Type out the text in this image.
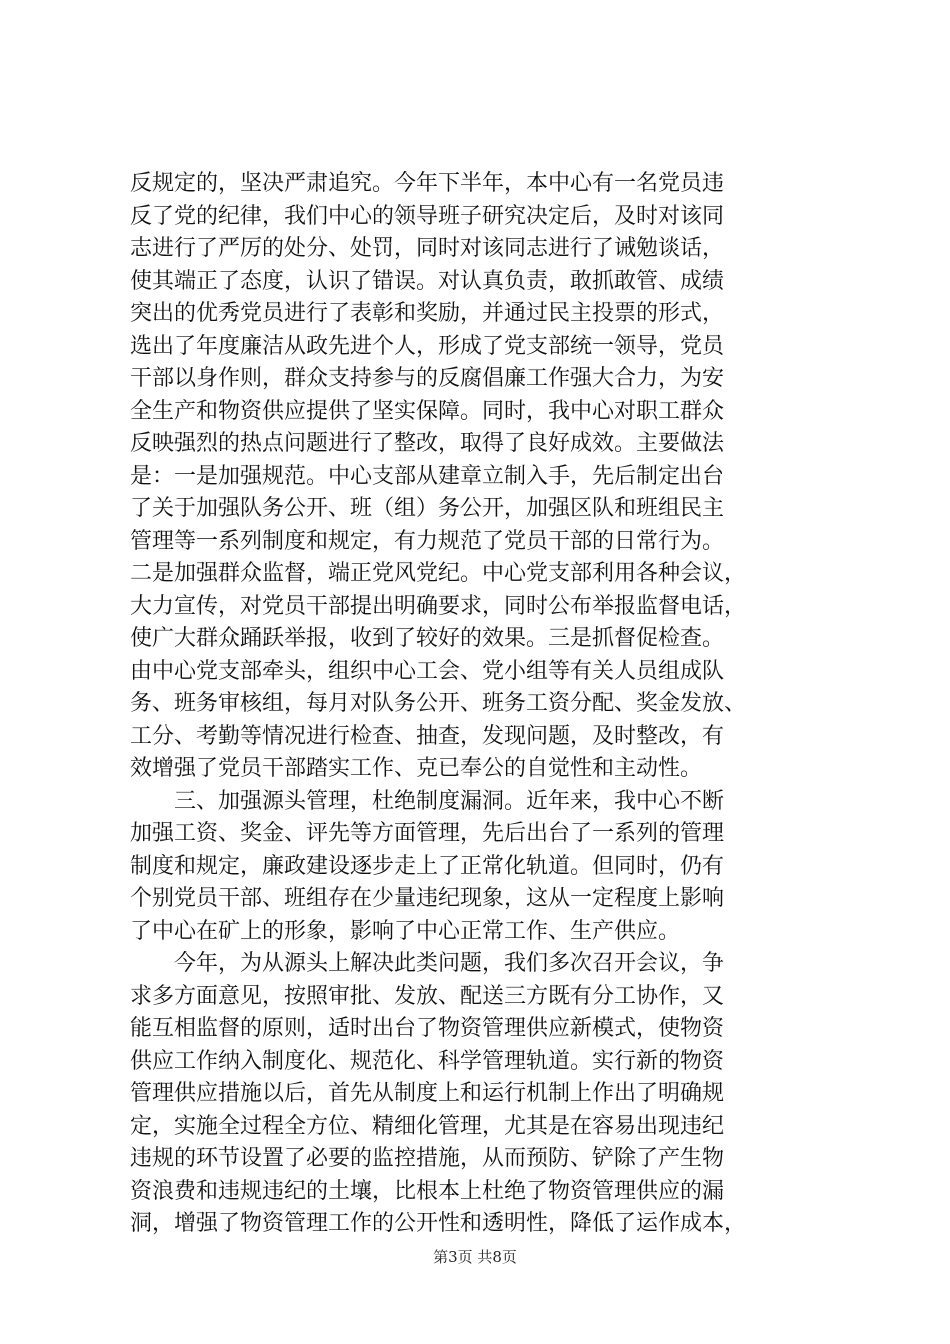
反规定的，坚决严肃追究。今年下半年，本中心有一名党员违
反了党的纪律，我们中心的领导班子研究决定后，及时对该同
志进行了严厉的处分、处罚，同时对该同志进行了诫勉谈话，
使其端正了态度，认识了错误。对认真负责，敢抓敢管、成绩
突出的优秀党员进行了表彰和奖励，并通过民主投票的形式，
选出了年度廉洁从政先进个人，形成了党支部统一领导，党员
干部以身作则，群众支持参与的反腐倡廉工作强大合力，为安
全生产和物资供应提供了坚实保障。同时，我中心对职工群众
反映强烈的热点问题进行了整改，取得了良好成效。主要做法
是：一是加强规范。中心支部从建章立制入手，先后制定出台
了关于加强队务公开、班（组）务公开，加强区队和班组民主
管理等一系列制度和规定，有力规范了党员干部的日常行为。
二是加强群众监督，端正党风党纪。中心党支部利用各种会议，
大力宣传，对党员干部提出明确要求，同时公布举报监督电话，
使广大群众踊跃举报，收到了较好的效果。三是抓督促检查。
由中心党支部牵头，组织中心工会、党小组等有关人员组成队
务、班务审核组，每月对队务公开、班务工资分配、奖金发放、
工分、考勤等情况进行检查、抽查，发现问题，及时整改，有
效增强了党员干部踏实工作、克已奉公的自觉性和主动性。
　　三、加强源头管理，杜绝制度漏洞。近年来，我中心不断
加强工资、奖金、评先等方面管理，先后出台了一系列的管理
制度和规定，廉政建设逐步走上了正常化轨道。但同时，仍有
个别党员干部、班组存在少量违纪现象，这从一定程度上影响
了中心在矿上的形象，影响了中心正常工作、生产供应。
　　今年，为从源头上解决此类问题，我们多次召开会议，争
求多方面意见，按照审批、发放、配送三方既有分工协作，又
能互相监督的原则，适时出台了物资管理供应新模式，使物资
供应工作纳入制度化、规范化、科学管理轨道。实行新的物资
管理供应措施以后，首先从制度上和运行机制上作出了明确规
定，实施全过程全方位、精细化管理，尤其是在容易出现违纪
违规的环节设置了必要的监控措施，从而预防、铲除了产生物
资浪费和违规违纪的土壤，比根本上杜绝了物资管理供应的漏
洞，增强了物资管理工作的公开性和透明性，降低了运作成本，
第3页 共8页
